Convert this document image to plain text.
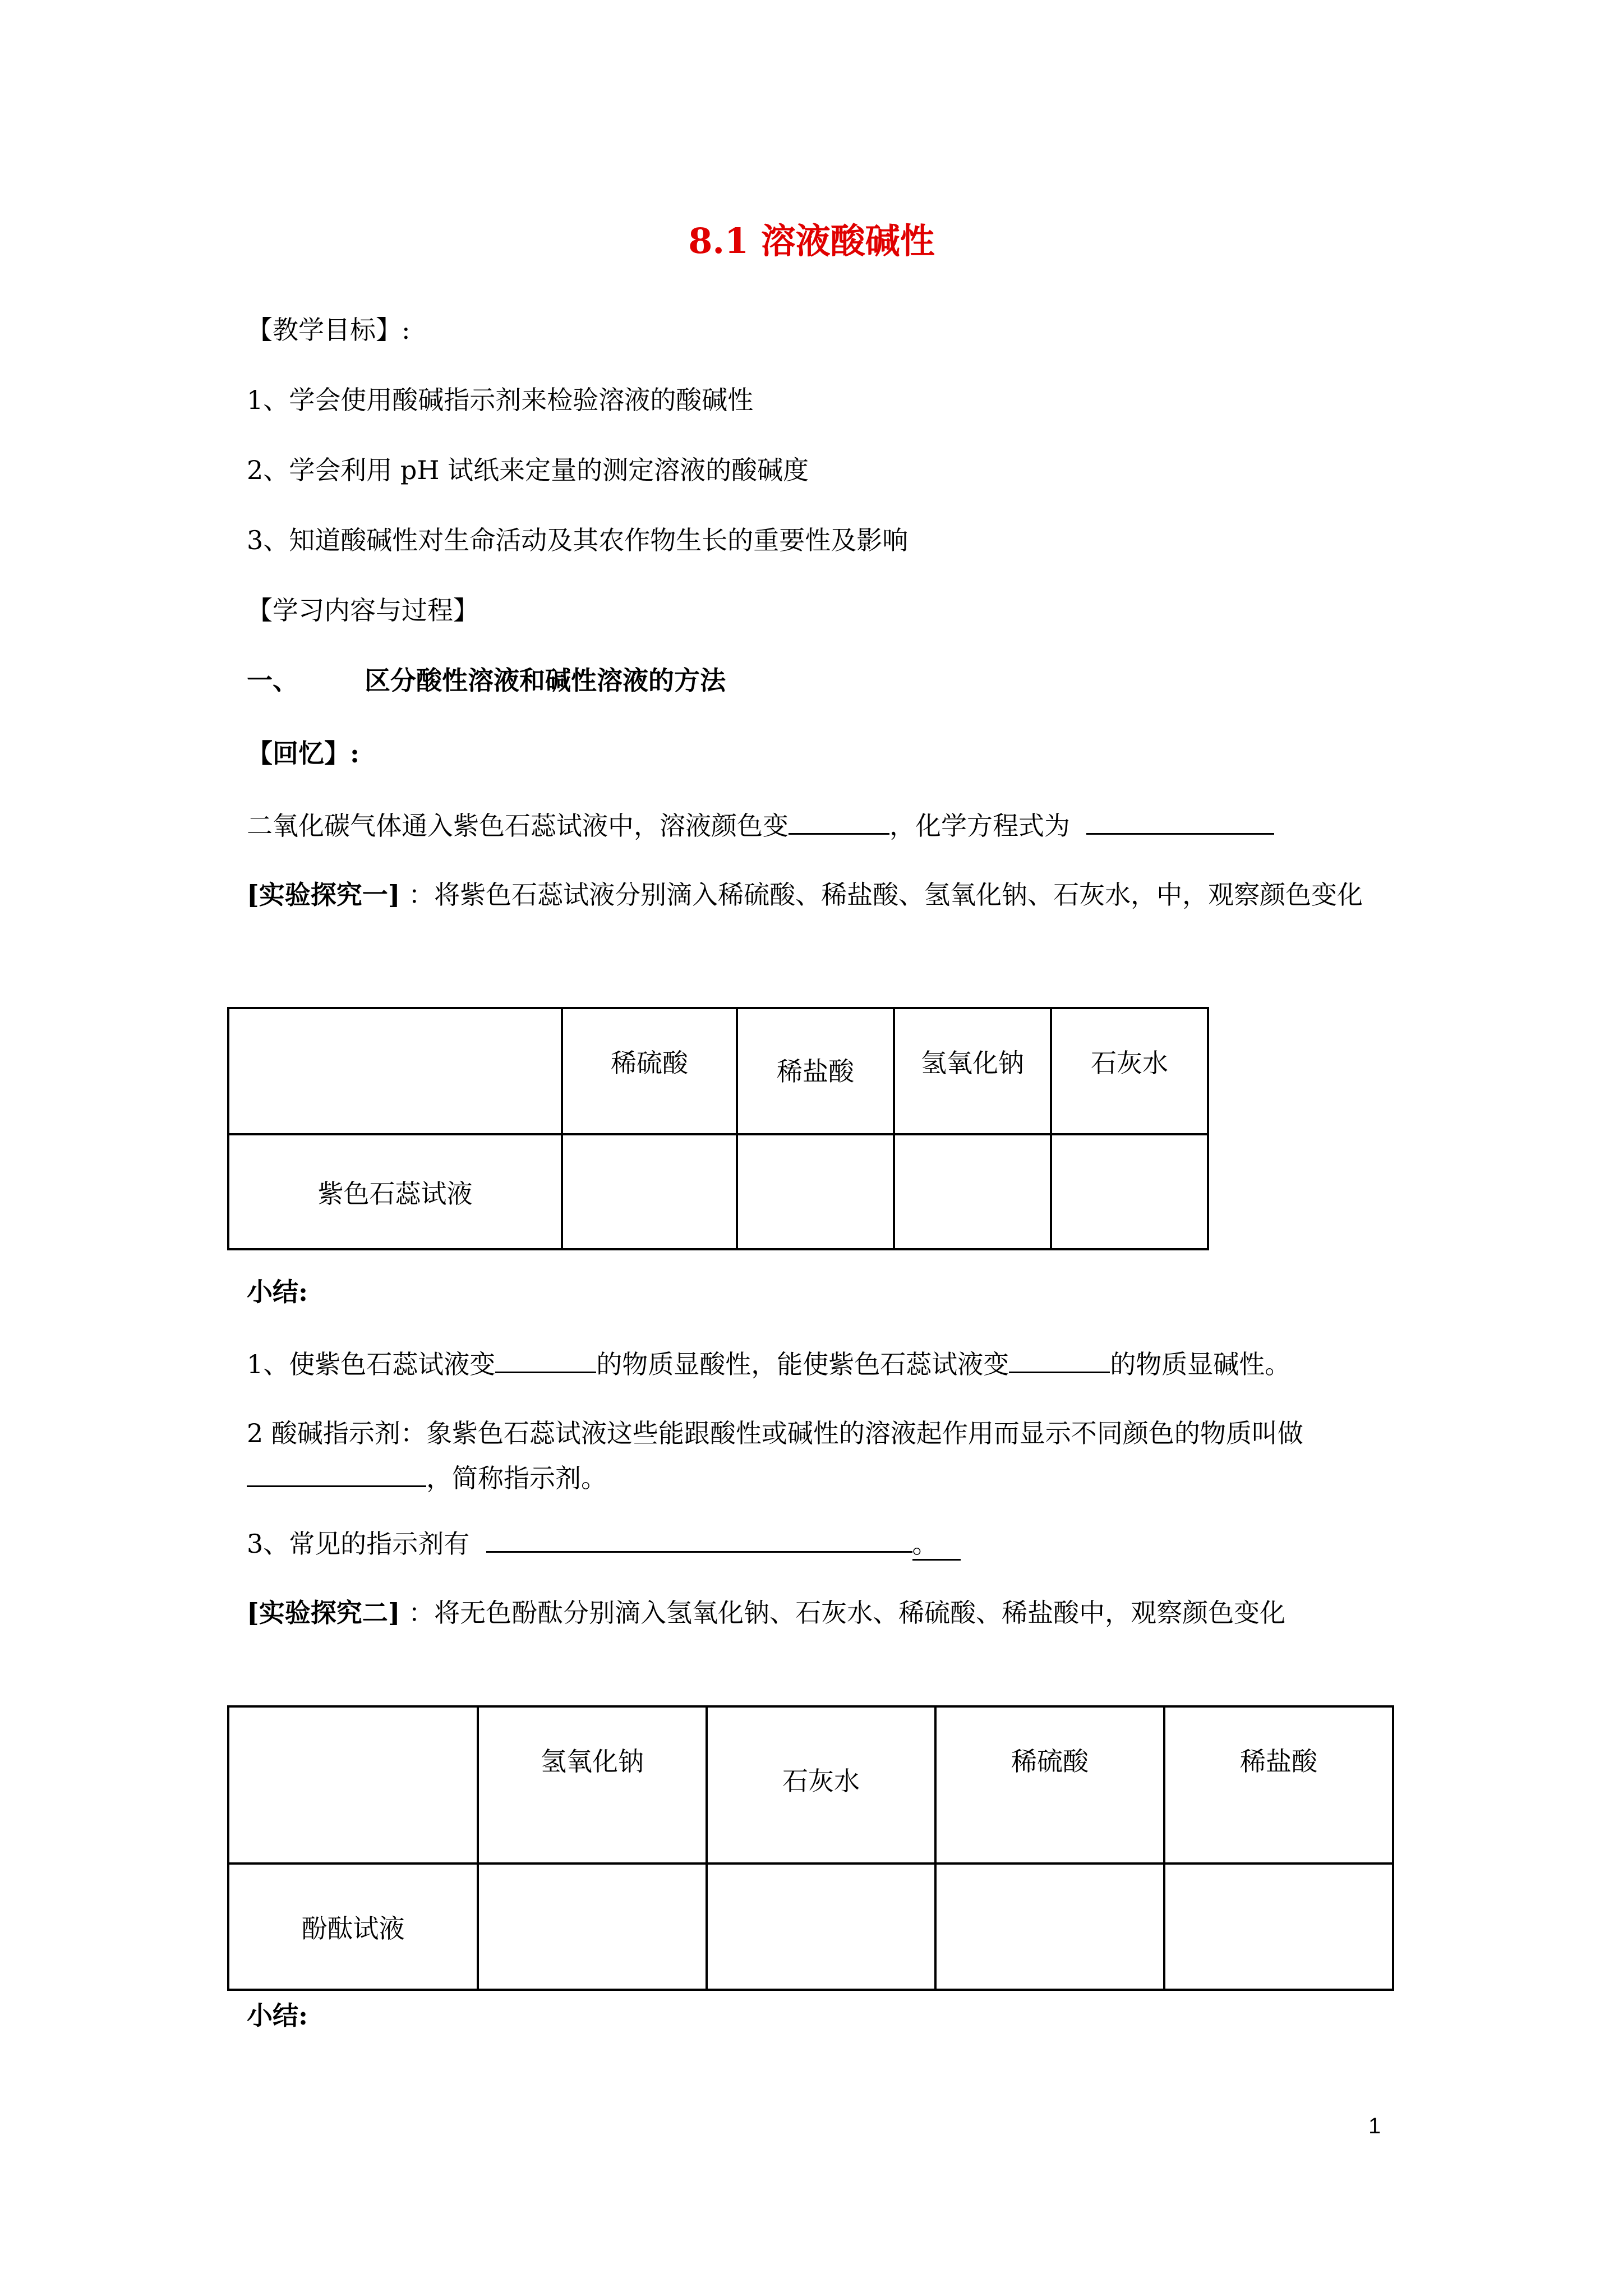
8.1 溶液酸碱性
【教学目标】:
1、学会使用酸碱指示剂来检验溶液的酸碱性
2、学会利用 pH 试纸来定量的测定溶液的酸碱度
3、知道酸碱性对生命活动及其农作物生长的重要性及影响
【学习内容与过程】
一、	区分酸性溶液和碱性溶液的方法
【回忆】:
二氧化碳气体通入紫色石蕊试液中，溶液颜色变	，化学方程式为
[实验探究一] ：将紫色石蕊试液分别滴入稀硫酸、稀盐酸、氢氧化钠、石灰水，中，观察颜色变化
	稀硫酸	稀盐酸	氢氧化钠	石灰水
紫色石蕊试液				
小结:
1、使紫色石蕊试液变	的物质显酸性，能使紫色石蕊试液变	的物质显碱性。
2 酸碱指示剂：象紫色石蕊试液这些能跟酸性或碱性的溶液起作用而显示不同颜色的物质叫做，简称指示剂。
3、常见的指示剂有	。
[实验探究二] ：将无色酚酞分别滴入氢氧化钠、石灰水、稀硫酸、稀盐酸中，观察颜色变化
	氢氧化钠	石灰水	稀硫酸	稀盐酸
酚酞试液				
小结:
1
